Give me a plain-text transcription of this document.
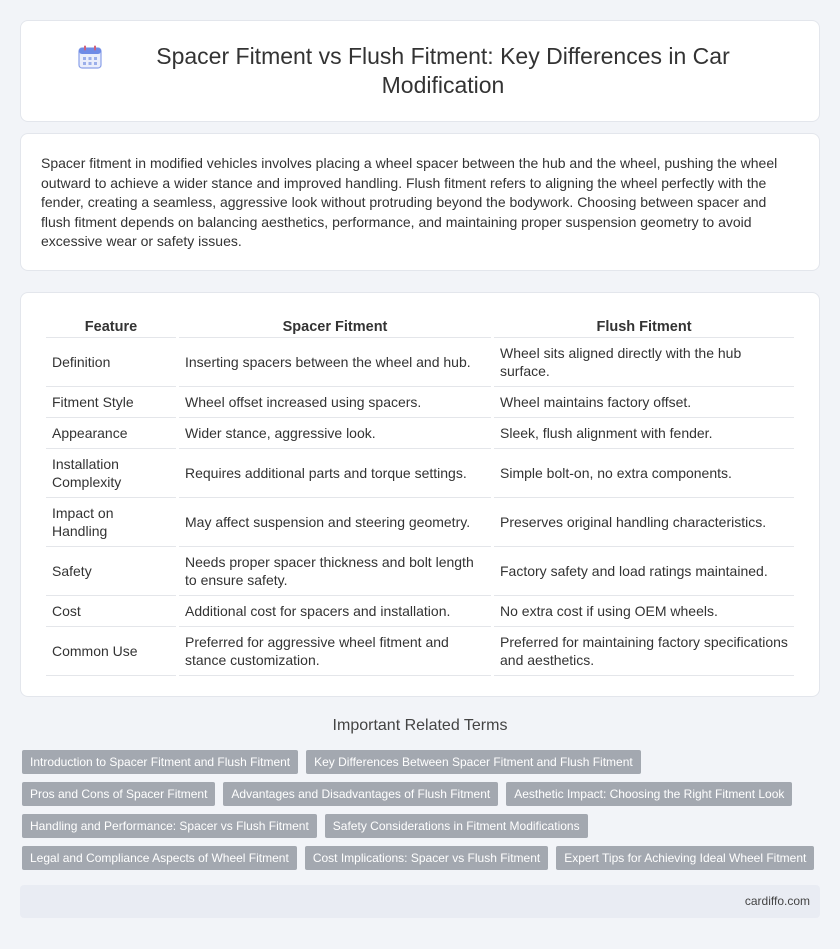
Spacer Fitment vs Flush Fitment: Key Differences in Car Modification

Spacer fitment in modified vehicles involves placing a wheel spacer between the hub and the wheel, pushing the wheel outward to achieve a wider stance and improved handling. Flush fitment refers to aligning the wheel perfectly with the fender, creating a seamless, aggressive look without protruding beyond the bodywork. Choosing between spacer and flush fitment depends on balancing aesthetics, performance, and maintaining proper suspension geometry to avoid excessive wear or safety issues.

Feature	Spacer Fitment	Flush Fitment
Definition	Inserting spacers between the wheel and hub.	Wheel sits aligned directly with the hub surface.
Fitment Style	Wheel offset increased using spacers.	Wheel maintains factory offset.
Appearance	Wider stance, aggressive look.	Sleek, flush alignment with fender.
Installation Complexity	Requires additional parts and torque settings.	Simple bolt-on, no extra components.
Impact on Handling	May affect suspension and steering geometry.	Preserves original handling characteristics.
Safety	Needs proper spacer thickness and bolt length to ensure safety.	Factory safety and load ratings maintained.
Cost	Additional cost for spacers and installation.	No extra cost if using OEM wheels.
Common Use	Preferred for aggressive wheel fitment and stance customization.	Preferred for maintaining factory specifications and aesthetics.
Important Related Terms
Introduction to Spacer Fitment and Flush Fitment	Key Differences Between Spacer Fitment and Flush Fitment
Pros and Cons of Spacer Fitment	Advantages and Disadvantages of Flush Fitment	Aesthetic Impact: Choosing the Right Fitment Look
Handling and Performance: Spacer vs Flush Fitment	Safety Considerations in Fitment Modifications
Legal and Compliance Aspects of Wheel Fitment	Cost Implications: Spacer vs Flush Fitment	Expert Tips for Achieving Ideal Wheel Fitment
cardiffo.com
